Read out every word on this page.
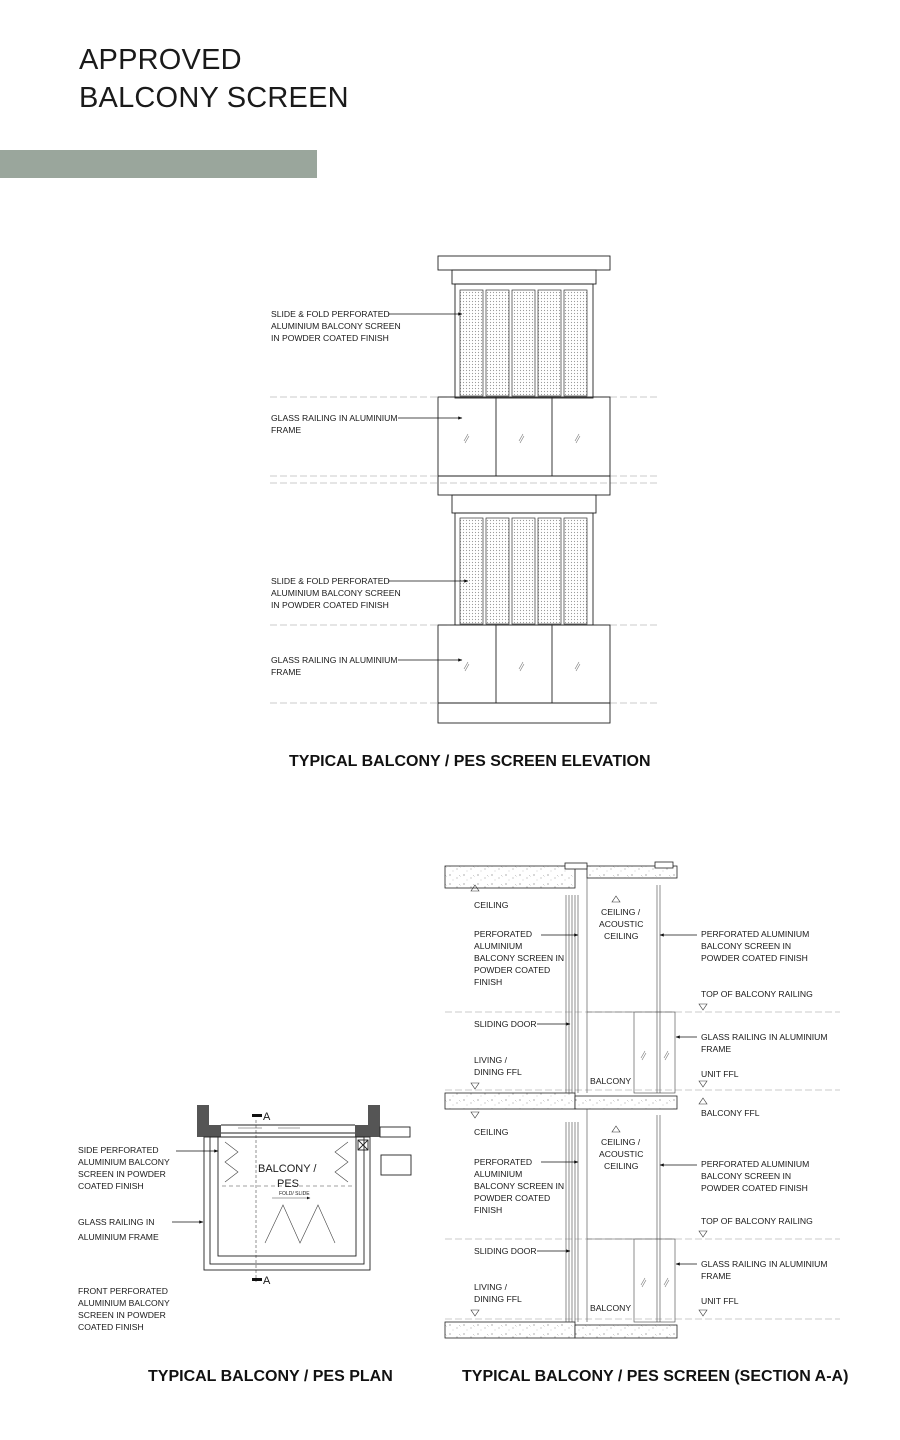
APPROVED
BALCONY SCREEN
SLIDE & FOLD PERFORATED
ALUMINIUM BALCONY SCREEN
IN POWDER COATED FINISH
GLASS RAILING IN ALUMINIUM
FRAME
SLIDE & FOLD PERFORATED
ALUMINIUM BALCONY SCREEN
IN POWDER COATED FINISH
GLASS RAILING IN ALUMINIUM
FRAME
TYPICAL BALCONY / PES SCREEN ELEVATION
A
A
BALCONY /
PES
FOLD/ SLIDE
SIDE PERFORATED
ALUMINIUM BALCONY
SCREEN IN POWDER
COATED FINISH
GLASS RAILING IN
ALUMINIUM FRAME
FRONT PERFORATED
ALUMINIUM BALCONY
SCREEN IN POWDER
COATED FINISH
TYPICAL BALCONY / PES PLAN
CEILING
CEILING /
ACOUSTIC
CEILING
PERFORATED
ALUMINIUM
BALCONY SCREEN IN
POWDER COATED
FINISH
PERFORATED ALUMINIUM
BALCONY SCREEN IN
POWDER COATED FINISH
TOP OF BALCONY RAILING
SLIDING DOOR
GLASS RAILING IN ALUMINIUM
FRAME
LIVING /
DINING FFL	UNIT FFL
BALCONY
BALCONY FFL
CEILING
CEILING /
ACOUSTIC
CEILING
PERFORATED
ALUMINIUM
BALCONY SCREEN IN
POWDER COATED
FINISH
PERFORATED ALUMINIUM
BALCONY SCREEN IN
POWDER COATED FINISH
TOP OF BALCONY RAILING
SLIDING DOOR
GLASS RAILING IN ALUMINIUM
FRAME
LIVING /
DINING FFL	UNIT FFL
BALCONY
TYPICAL BALCONY / PES SCREEN (SECTION A-A)
